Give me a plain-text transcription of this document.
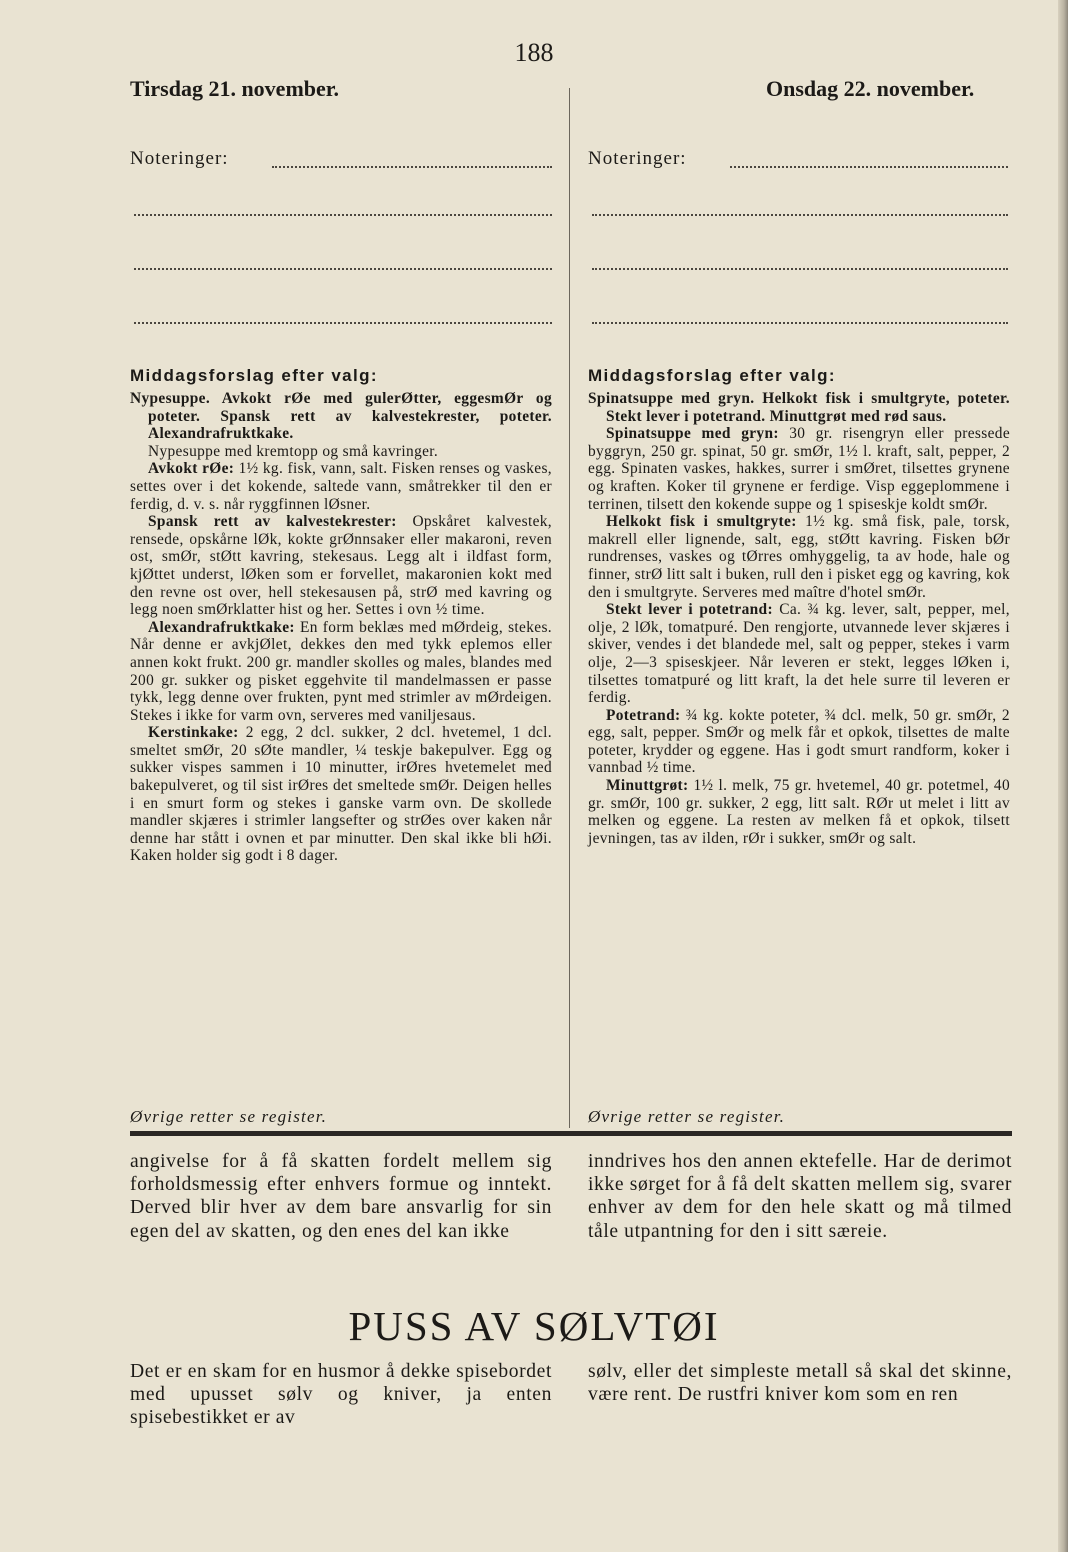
188
Tirsdag 21. november.	Onsdag 22. november.
Noteringer:	Noteringer:
Middagsforslag efter valg:	Middagsforslag efter valg:

Nypesuppe. Avkokt rØe med gulerØtter, eggesmØr og poteter. Spansk rett av kalvestekrester, poteter. Alexandrafruktkake.

Nypesuppe med kremtopp og små kavringer.

Avkokt rØe: 1½ kg. fisk, vann, salt. Fisken renses og vaskes, settes over i det kokende, saltede vann, småtrekker til den er ferdig, d. v. s. når ryggfinnen lØsner.

Spansk rett av kalvestekrester: Opskåret kalvestek, rensede, opskårne lØk, kokte grØnnsaker eller makaroni, reven ost, smØr, stØtt kavring, stekesaus. Legg alt i ildfast form, kjØttet underst, lØken som er forvellet, makaronien kokt med den revne ost over, hell stekesausen på, strØ med kavring og legg noen smØrklatter hist og her. Settes i ovn ½ time.

Alexandrafruktkake: En form beklæs med mØrdeig, stekes. Når denne er avkjØlet, dekkes den med tykk eplemos eller annen kokt frukt. 200 gr. mandler skolles og males, blandes med 200 gr. sukker og pisket eggehvite til mandelmassen er passe tykk, legg denne over frukten, pynt med strimler av mØrdeigen. Stekes i ikke for varm ovn, serveres med vaniljesaus.

Kerstinkake: 2 egg, 2 dcl. sukker, 2 dcl. hvetemel, 1 dcl. smeltet smØr, 20 sØte mandler, ¼ teskje bakepulver. Egg og sukker vispes sammen i 10 minutter, irØres hvetemelet med bakepulveret, og til sist irØres det smeltede smØr. Deigen helles i en smurt form og stekes i ganske varm ovn. De skollede mandler skjæres i strimler langsefter og strØes over kaken når denne har stått i ovnen et par minutter. Den skal ikke bli hØi. Kaken holder sig godt i 8 dager.

Spinatsuppe med gryn. Helkokt fisk i smultgryte, poteter. Stekt lever i potetrand. Minuttgrøt med rød saus.

Spinatsuppe med gryn: 30 gr. risengryn eller pressede byggryn, 250 gr. spinat, 50 gr. smØr, 1½ l. kraft, salt, pepper, 2 egg. Spinaten vaskes, hakkes, surrer i smØret, tilsettes grynene og kraften. Koker til grynene er ferdige. Visp eggeplommene i terrinen, tilsett den kokende suppe og 1 spiseskje koldt smØr.

Helkokt fisk i smultgryte: 1½ kg. små fisk, pale, torsk, makrell eller lignende, salt, egg, stØtt kavring. Fisken bØr rundrenses, vaskes og tØrres omhyggelig, ta av hode, hale og finner, strØ litt salt i buken, rull den i pisket egg og kavring, kok den i smultgryte. Serveres med maître d'hotel smØr.

Stekt lever i potetrand: Ca. ¾ kg. lever, salt, pepper, mel, olje, 2 lØk, tomatpuré. Den rengjorte, utvannede lever skjæres i skiver, vendes i det blandede mel, salt og pepper, stekes i varm olje, 2—3 spiseskjeer. Når leveren er stekt, legges lØken i, tilsettes tomatpuré og litt kraft, la det hele surre til leveren er ferdig.

Potetrand: ¾ kg. kokte poteter, ¾ dcl. melk, 50 gr. smØr, 2 egg, salt, pepper. SmØr og melk får et opkok, tilsettes de malte poteter, krydder og eggene. Has i godt smurt randform, koker i vannbad ½ time.

Minuttgrøt: 1½ l. melk, 75 gr. hvetemel, 40 gr. potetmel, 40 gr. smØr, 100 gr. sukker, 2 egg, litt salt. RØr ut melet i litt av melken og eggene. La resten av melken få et opkok, tilsett jevningen, tas av ilden, rØr i sukker, smØr og salt.

Øvrige retter se register.	Øvrige retter se register.
angivelse for å få skatten fordelt mellem sig forholdsmessig efter enhvers formue og inntekt. Derved blir hver av dem bare ansvarlig for sin egen del av skatten, og den enes del kan ikke
inndrives hos den annen ektefelle. Har de derimot ikke sørget for å få delt skatten mellem sig, svarer enhver av dem for den hele skatt og må tilmed tåle utpantning for den i sitt særeie.
PUSS AV SØLVTØI
Det er en skam for en husmor å dekke spisebordet med upusset sølv og kniver, ja enten spisebestikket er av
sølv, eller det simpleste metall så skal det skinne, være rent. De rustfri kniver kom som en ren
